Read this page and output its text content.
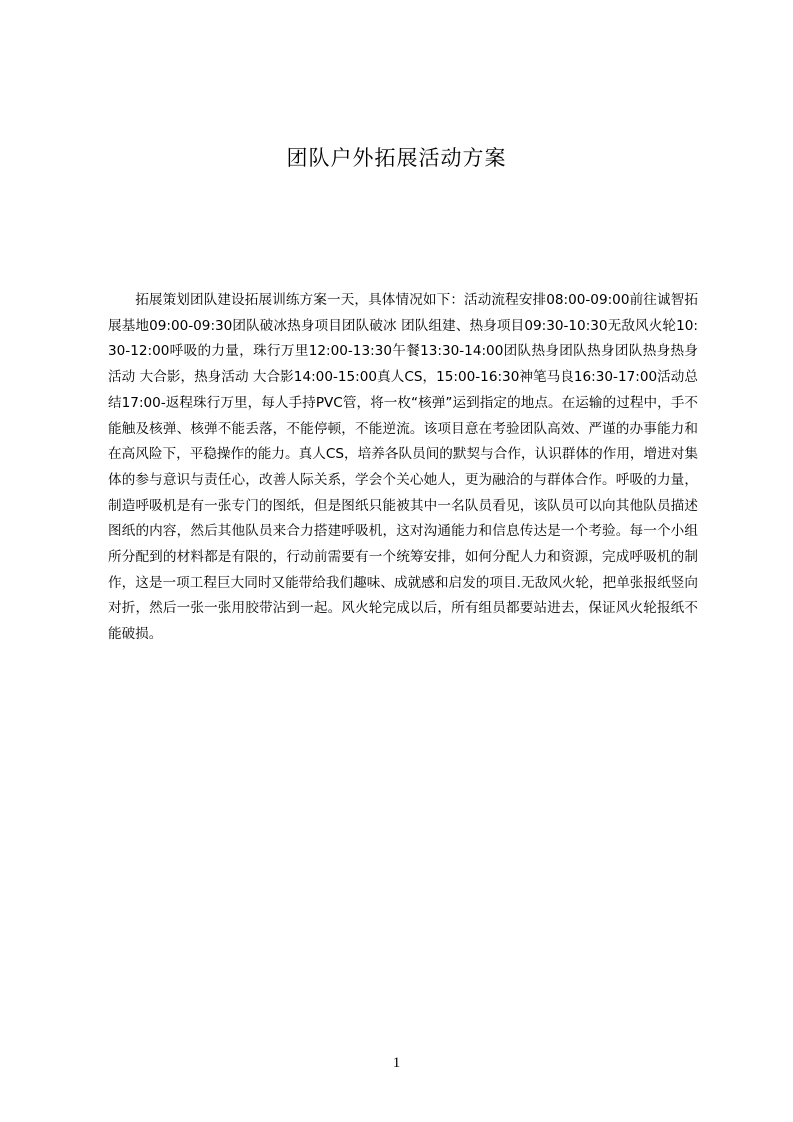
团队户外拓展活动方案

拓展策划团队建设拓展训练方案一天，具体情况如下：活动流程安排08:00-09:00前往诚智拓展基地09:00-09:30团队破冰热身项目团队破冰 团队组建、热身项目09:30-10:30无敌风火轮10:30-12:00呼吸的力量，珠行万里12:00-13:30午餐13:30-14:00团队热身团队热身团队热身热身活动 大合影，热身活动 大合影14:00-15:00真人CS，15:00-16:30神笔马良16:30-17:00活动总结17:00-返程珠行万里，每人手持PVC管，将一枚“核弹”运到指定的地点。在运输的过程中，手不能触及核弹、核弹不能丢落，不能停顿，不能逆流。该项目意在考验团队高效、严谨的办事能力和在高风险下，平稳操作的能力。真人CS，培养各队员间的默契与合作，认识群体的作用，增进对集体的参与意识与责任心，改善人际关系，学会个关心她人，更为融洽的与群体合作。呼吸的力量，制造呼吸机是有一张专门的图纸，但是图纸只能被其中一名队员看见，该队员可以向其他队员描述图纸的内容，然后其他队员来合力搭建呼吸机，这对沟通能力和信息传达是一个考验。每一个小组所分配到的材料都是有限的，行动前需要有一个统筹安排，如何分配人力和资源，完成呼吸机的制作，这是一项工程巨大同时又能带给我们趣味、成就感和启发的项目.无敌风火轮，把单张报纸竖向对折，然后一张一张用胶带沾到一起。风火轮完成以后，所有组员都要站进去，保证风火轮报纸不能破损。

1
